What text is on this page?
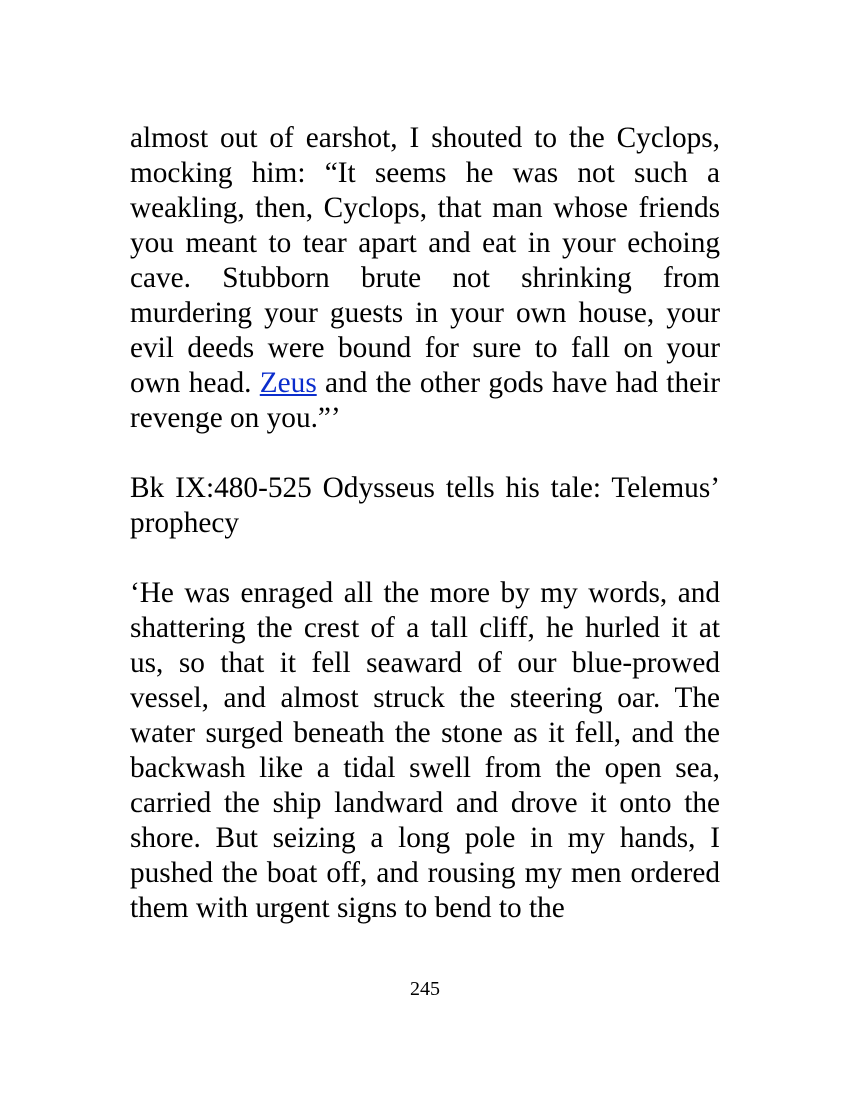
almost out of earshot, I shouted to the Cyclops, mocking him: “It seems he was not such a weakling, then, Cyclops, that man whose friends you meant to tear apart and eat in your echoing cave. Stubborn brute not shrinking from murdering your guests in your own house, your evil deeds were bound for sure to fall on your own head. Zeus and the other gods have had their revenge on you.”’

Bk IX:480-525 Odysseus tells his tale: Telemus’ prophecy

‘He was enraged all the more by my words, and shattering the crest of a tall cliff, he hurled it at us, so that it fell seaward of our blue-prowed vessel, and almost struck the steering oar. The water surged beneath the stone as it fell, and the backwash like a tidal swell from the open sea, carried the ship landward and drove it onto the shore. But seizing a long pole in my hands, I pushed the boat off, and rousing my men ordered them with urgent signs to bend to the

245
